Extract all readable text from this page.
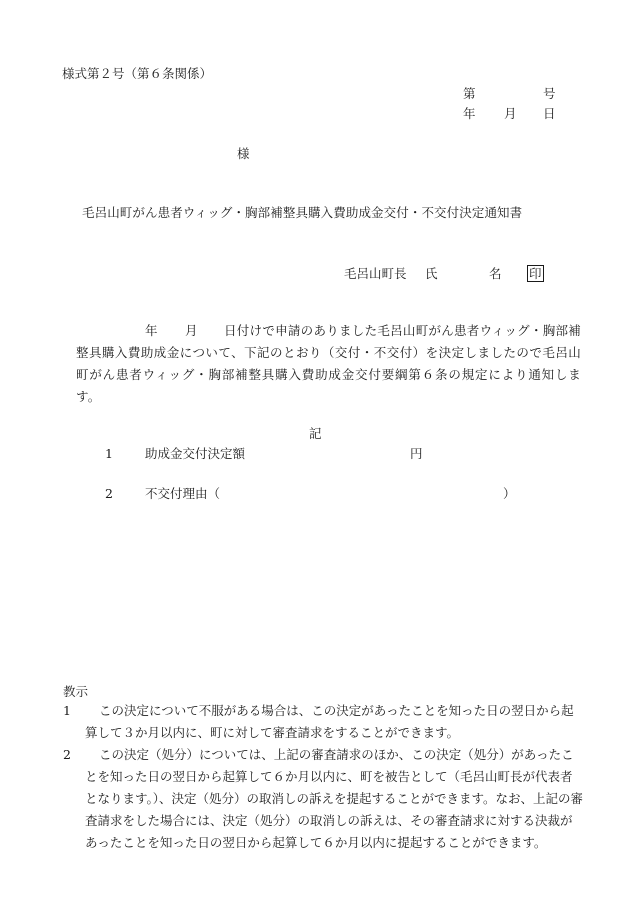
様式第２号（第６条関係）
第	号
年 月 日
様
毛呂山町がん患者ウィッグ・胸部補整具購入費助成金交付・不交付決定通知書
毛呂山町長 氏	名 印
年 月	日付けで申請のありました毛呂山町がん患者ウィッグ・胸部補整具購入費助成金について、下記のとおり（交付・不交付）を決定しましたので毛呂山町がん患者ウィッグ・胸部補整具購入費助成金交付要綱第６条の規定により通知します。
記
1	助成金交付決定額	円
2	不交付理由（	）
教示
1	この決定について不服がある場合は、この決定があったことを知った日の翌日から起算して３か月以内に、町に対して審査請求をすることができます。
2	この決定（処分）については、上記の審査請求のほか、この決定（処分）があったことを知った日の翌日から起算して６か月以内に、町を被告として（毛呂山町長が代表者となります。）、決定（処分）の取消しの訴えを提起することができます。なお、上記の審査請求をした場合には、決定（処分）の取消しの訴えは、その審査請求に対する決裁があったことを知った日の翌日から起算して６か月以内に提起することができます。
